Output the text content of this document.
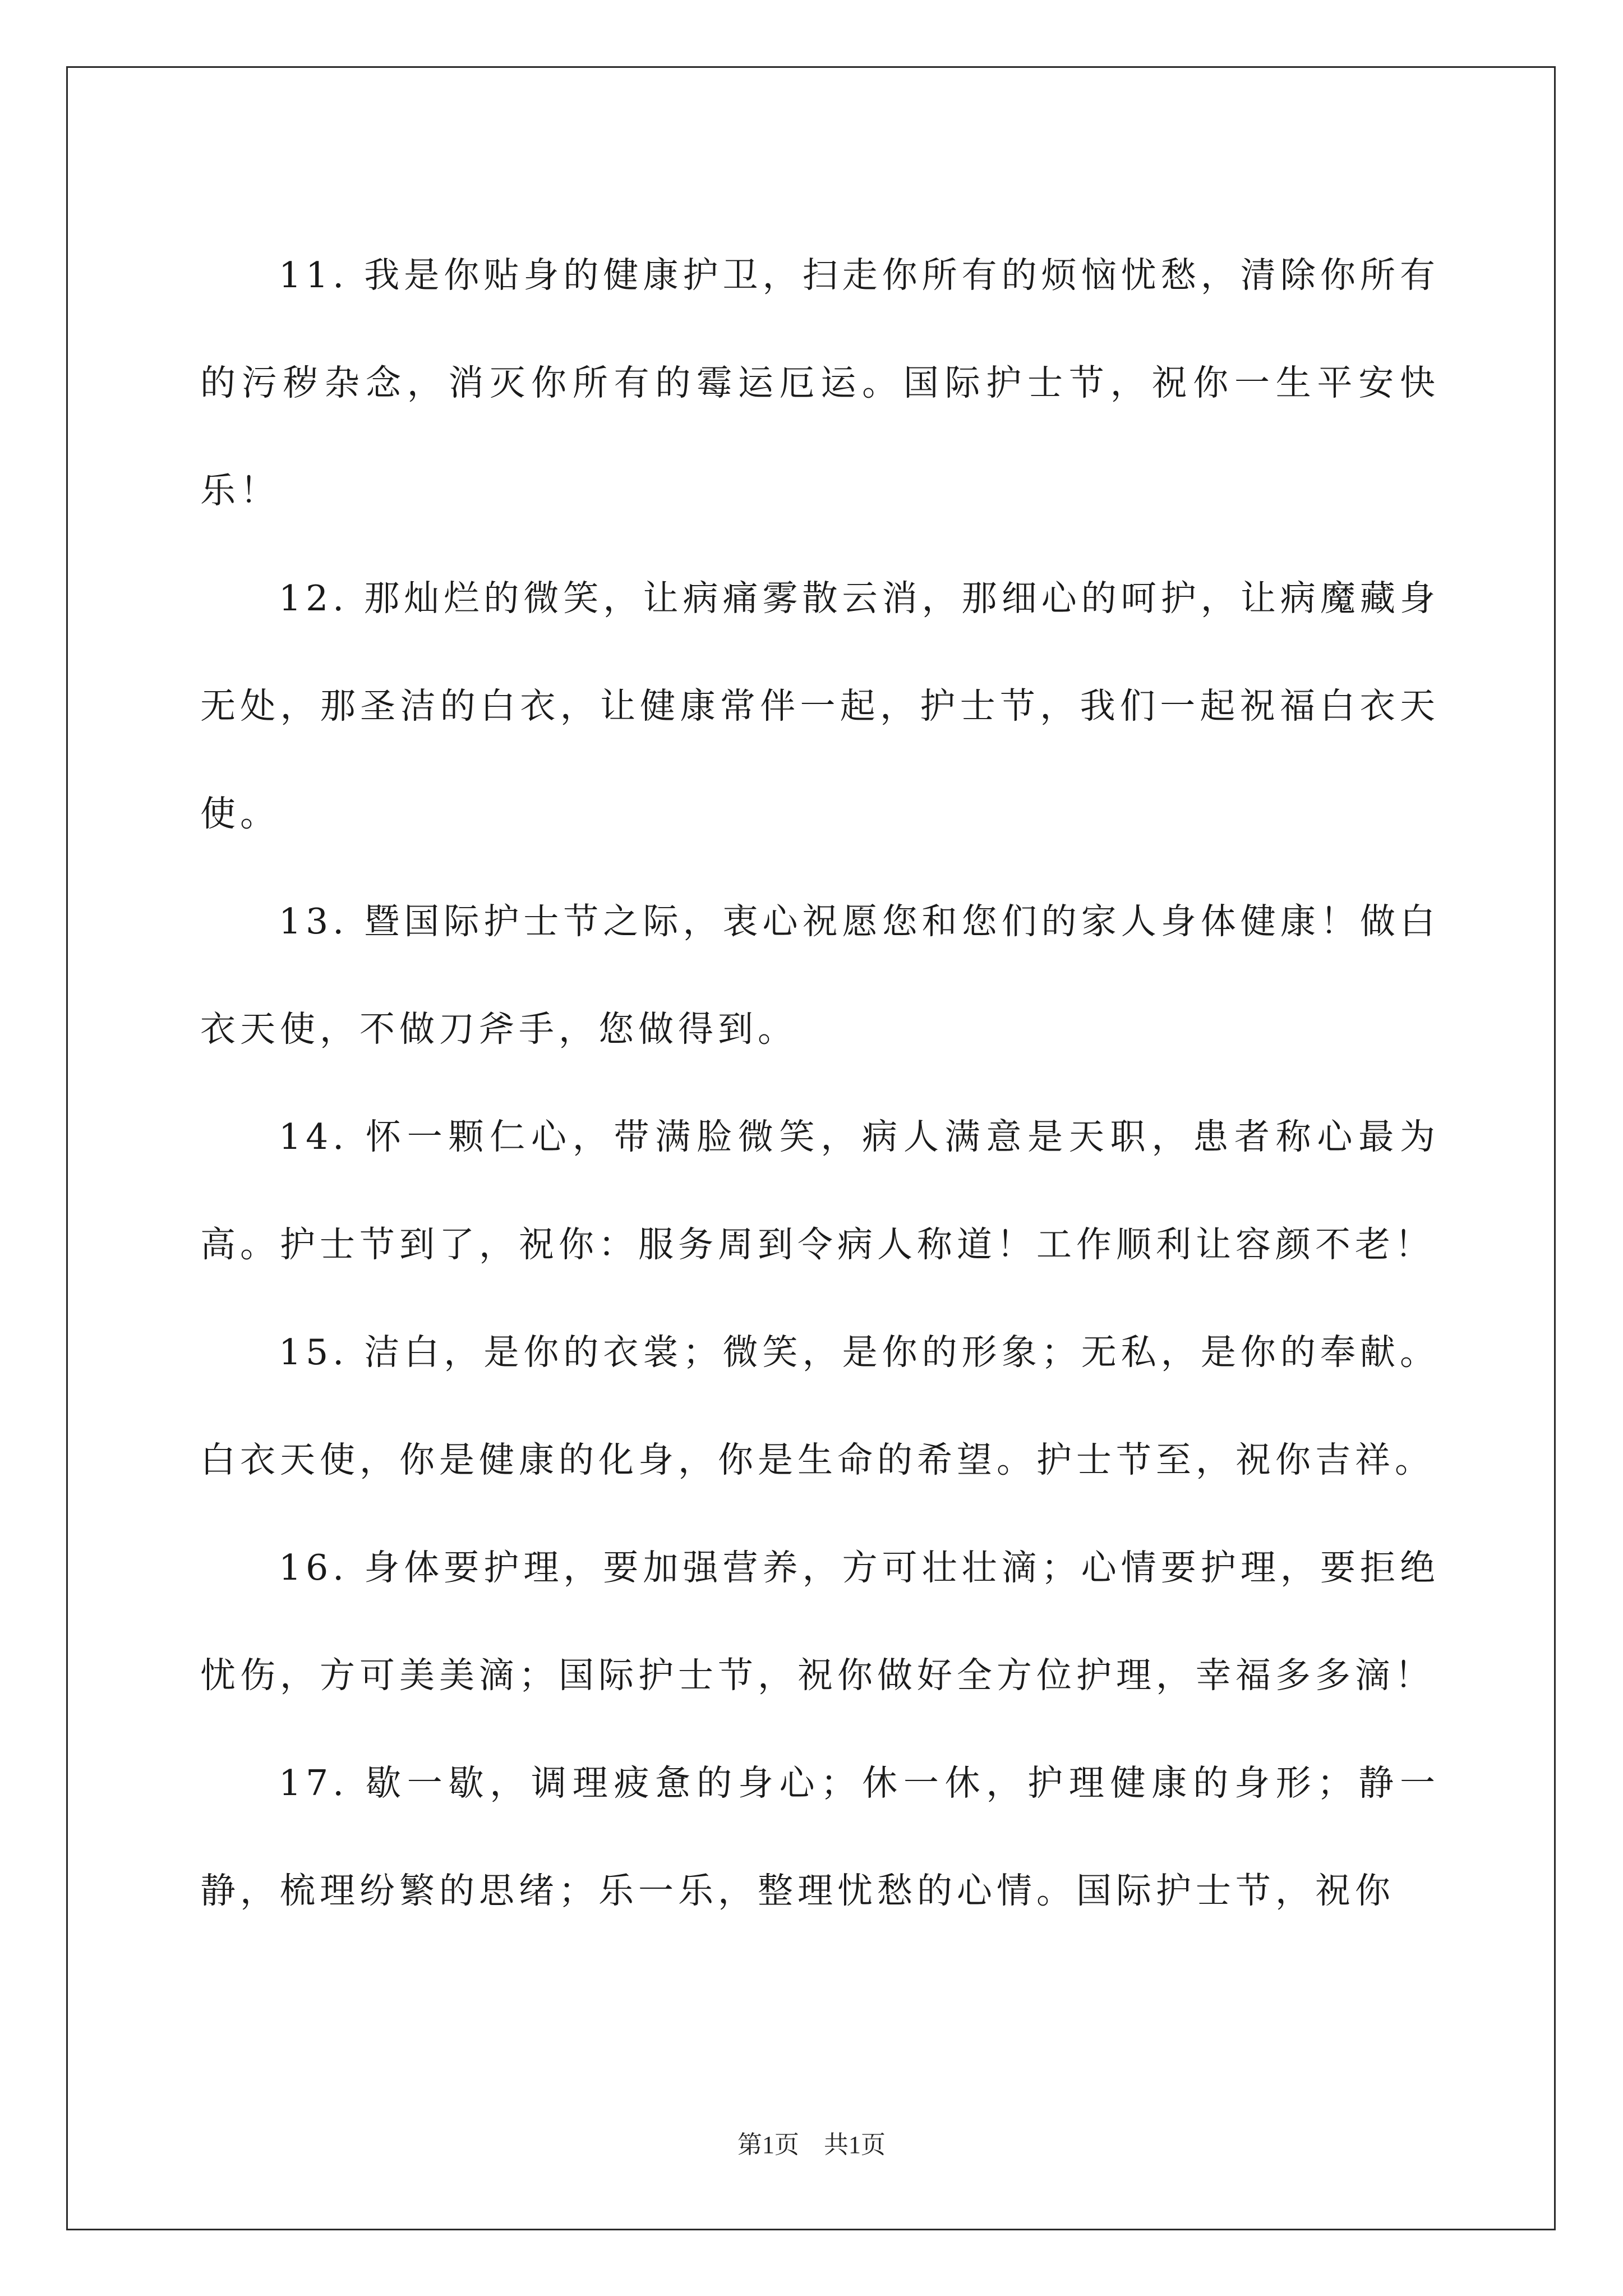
11. 我是你贴身的健康护卫，扫走你所有的烦恼忧愁，清除你所有的污秽杂念，消灭你所有的霉运厄运。国际护士节，祝你一生平安快乐！

12. 那灿烂的微笑，让病痛雾散云消，那细心的呵护，让病魔藏身无处，那圣洁的白衣，让健康常伴一起，护士节，我们一起祝福白衣天使。

13. 暨国际护士节之际，衷心祝愿您和您们的家人身体健康！做白衣天使，不做刀斧手，您做得到。

14. 怀一颗仁心，带满脸微笑，病人满意是天职，患者称心最为高。护士节到了，祝你：服务周到令病人称道！工作顺利让容颜不老！

15. 洁白，是你的衣裳；微笑，是你的形象；无私，是你的奉献。白衣天使，你是健康的化身，你是生命的希望。护士节至，祝你吉祥。

16. 身体要护理，要加强营养，方可壮壮滴；心情要护理，要拒绝忧伤，方可美美滴；国际护士节，祝你做好全方位护理，幸福多多滴！

17. 歇一歇，调理疲惫的身心；休一休，护理健康的身形；静一静，梳理纷繁的思绪；乐一乐，整理忧愁的心情。国际护士节，祝你

第1页 共1页
